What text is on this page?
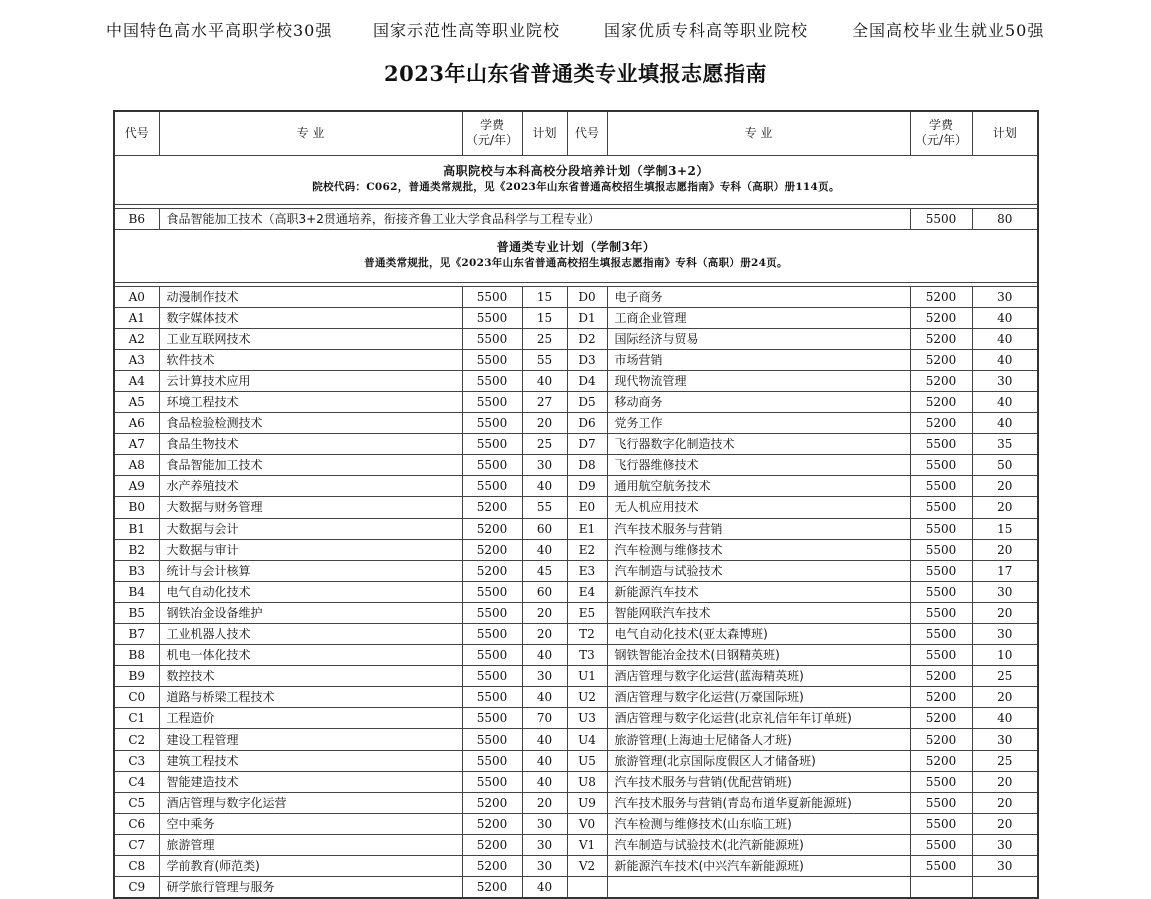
中国特色高水平高职学校30强	国家示范性高等职业院校	国家优质专科高等职业院校	全国高校毕业生就业50强
2023年山东省普通类专业填报志愿指南
代号	专 业	学费
（元/年）	计划	代号	专 业	学费
（元/年）	计划

高职院校与本科高校分段培养计划（学制3+2）
院校代码：C062，普通类常规批，见《2023年山东省普通高校招生填报志愿指南》专科（高职）册114页。							

B6	食品智能加工技术（高职3+2贯通培养，衔接齐鲁工业大学食品科学与工程专业）					5500	80

普通类专业计划（学制3年）
普通类常规批，见《2023年山东省普通高校招生填报志愿指南》专科（高职）册24页。							

A0	动漫制作技术	5500	15	D0	电子商务	5200	30
A1	数字媒体技术	5500	15	D1	工商企业管理	5200	40
A2	工业互联网技术	5500	25	D2	国际经济与贸易	5200	40
A3	软件技术	5500	55	D3	市场营销	5200	40
A4	云计算技术应用	5500	40	D4	现代物流管理	5200	30
A5	环境工程技术	5500	27	D5	移动商务	5200	40
A6	食品检验检测技术	5500	20	D6	党务工作	5200	40
A7	食品生物技术	5500	25	D7	飞行器数字化制造技术	5500	35
A8	食品智能加工技术	5500	30	D8	飞行器维修技术	5500	50
A9	水产养殖技术	5500	40	D9	通用航空航务技术	5500	20
B0	大数据与财务管理	5200	55	E0	无人机应用技术	5500	20
B1	大数据与会计	5200	60	E1	汽车技术服务与营销	5500	15
B2	大数据与审计	5200	40	E2	汽车检测与维修技术	5500	20
B3	统计与会计核算	5200	45	E3	汽车制造与试验技术	5500	17
B4	电气自动化技术	5500	60	E4	新能源汽车技术	5500	30
B5	钢铁冶金设备维护	5500	20	E5	智能网联汽车技术	5500	20
B7	工业机器人技术	5500	20	T2	电气自动化技术(亚太森博班)	5500	30
B8	机电一体化技术	5500	40	T3	钢铁智能冶金技术(日钢精英班)	5500	10
B9	数控技术	5500	30	U1	酒店管理与数字化运营(蓝海精英班)	5200	25
C0	道路与桥梁工程技术	5500	40	U2	酒店管理与数字化运营(万豪国际班)	5200	20
C1	工程造价	5500	70	U3	酒店管理与数字化运营(北京礼信年年订单班)	5200	40
C2	建设工程管理	5500	40	U4	旅游管理(上海迪士尼储备人才班)	5200	30
C3	建筑工程技术	5500	40	U5	旅游管理(北京国际度假区人才储备班)	5200	25
C4	智能建造技术	5500	40	U8	汽车技术服务与营销(优配营销班)	5500	20
C5	酒店管理与数字化运营	5200	20	U9	汽车技术服务与营销(青岛布道华夏新能源班)	5500	20
C6	空中乘务	5200	30	V0	汽车检测与维修技术(山东临工班)	5500	20
C7	旅游管理	5200	30	V1	汽车制造与试验技术(北汽新能源班)	5500	30
C8	学前教育(师范类)	5200	30	V2	新能源汽车技术(中兴汽车新能源班)	5500	30
C9	研学旅行管理与服务	5200	40				
